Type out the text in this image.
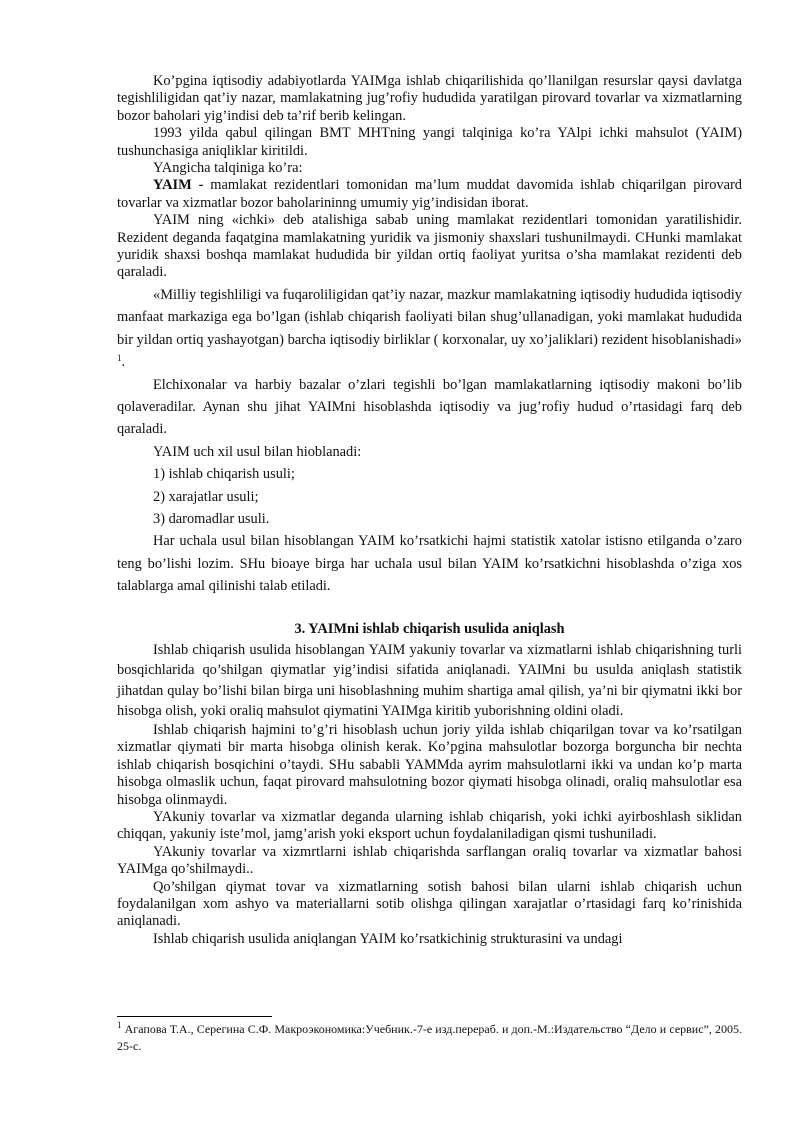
Ko’pgina iqtisodiy adabiyotlarda YAIMga ishlab chiqarilishida qo’llanilgan resurslar qaysi davlatga tegishliligidan qat’iy nazar, mamlakatning jug’rofiy hududida yaratilgan pirovard tovarlar va xizmatlarning bozor baholari yig’indisi deb ta’rif berib kelingan.

1993 yilda qabul qilingan BMT MHTning yangi talqiniga ko’ra YAlpi ichki mahsulot (YAIM) tushunchasiga aniqliklar kiritildi.

YAngicha talqiniga ko’ra:

YAIM - mamlakat rezidentlari tomonidan ma’lum muddat davomida ishlab chiqarilgan pirovard tovarlar va xizmatlar bozor baholarininng umumiy yig’indisidan iborat.

YAIM ning «ichki» deb atalishiga sabab uning mamlakat rezidentlari tomonidan yaratilishidir. Rezident deganda faqatgina mamlakatning yuridik va jismoniy shaxslari tushunilmaydi. CHunki mamlakat yuridik shaxsi boshqa mamlakat hududida bir yildan ortiq faoliyat yuritsa o’sha mamlakat rezidenti deb qaraladi.

«Milliy tegishliligi va fuqaroliligidan qat’iy nazar, mazkur mamlakatning iqtisodiy hududida iqtisodiy manfaat markaziga ega bo’lgan (ishlab chiqarish faoliyati bilan shug’ullanadigan, yoki mamlakat hududida bir yildan ortiq yashayotgan) barcha iqtisodiy birliklar ( korxonalar, uy xo’jaliklari) rezident hisoblanishadi» $^1$.

Elchixonalar va harbiy bazalar o’zlari tegishli bo’lgan mamlakatlarning iqtisodiy makoni bo’lib qolaveradilar. Aynan shu jihat YAIMni hisoblashda iqtisodiy va jug’rofiy hudud o’rtasidagi farq deb qaraladi.

YAIM uch xil usul bilan hioblanadi:

1) ishlab chiqarish usuli;

2) xarajatlar usuli;

3) daromadlar usuli.

Har uchala usul bilan hisoblangan YAIM ko’rsatkichi hajmi statistik xatolar istisno etilganda o’zaro teng bo’lishi lozim. SHu bioayе birga har uchala usul bilan YAIM ko’rsatkichni hisoblashda o’ziga xos talablarga amal qilinishi talab etiladi.

3. YAIMni ishlab chiqarish usulida aniqlash

Ishlab chiqarish usulida hisoblangan YAIM yakuniy tovarlar va xizmatlarni ishlab chiqarishning turli bosqichlarida qo’shilgan qiymatlar yig’indisi sifatida aniqlanadi. YAIMni bu usulda aniqlash statistik jihatdan qulay bo’lishi bilan birga uni hisoblashning muhim shartiga amal qilish, ya’ni bir qiymatni ikki bor hisobga olish, yoki oraliq mahsulot qiymatini YAIMga kiritib yuborishning oldini oladi.

Ishlab chiqarish hajmini to’g’ri hisoblash uchun joriy yilda ishlab chiqarilgan tovar va ko’rsatilgan xizmatlar qiymati bir marta hisobga olinish kerak. Ko’pgina mahsulotlar bozorga borguncha bir nechta ishlab chiqarish bosqichini o’taydi. SHu sababli YAMMda ayrim mahsulotlarni ikki va undan ko’p marta hisobga olmaslik uchun, faqat pirovard mahsulotning bozor qiymati hisobga olinadi, oraliq mahsulotlar esa hisobga olinmaydi.

YAkuniy tovarlar va xizmatlar deganda ularning ishlab chiqarish, yoki ichki ayirboshlash siklidan chiqqan, yakuniy iste’mol, jamg’arish yoki eksport uchun foydalaniladigan qismi tushuniladi.

YAkuniy tovarlar va xizmrtlarni ishlab chiqarishda sarflangan oraliq tovarlar va xizmatlar bahosi YAIMga qo’shilmaydi..

Qo’shilgan qiymat tovar va xizmatlarning sotish bahosi bilan ularni ishlab chiqarish uchun foydalanilgan xom ashyo va materiallarni sotib olishga qilingan xarajatlar o’rtasidagi farq ko’rinishida aniqlanadi.

Ishlab chiqarish usulida aniqlangan YAIM ko’rsatkichinig strukturasini va undagi

$^1$ Агапова Т.А., Серегина С.Ф. Макроэкономика:Учебник.-7-е изд.перераб. и доп.-М.:Издательство “Дело и сервис”, 2005. 25-с.
